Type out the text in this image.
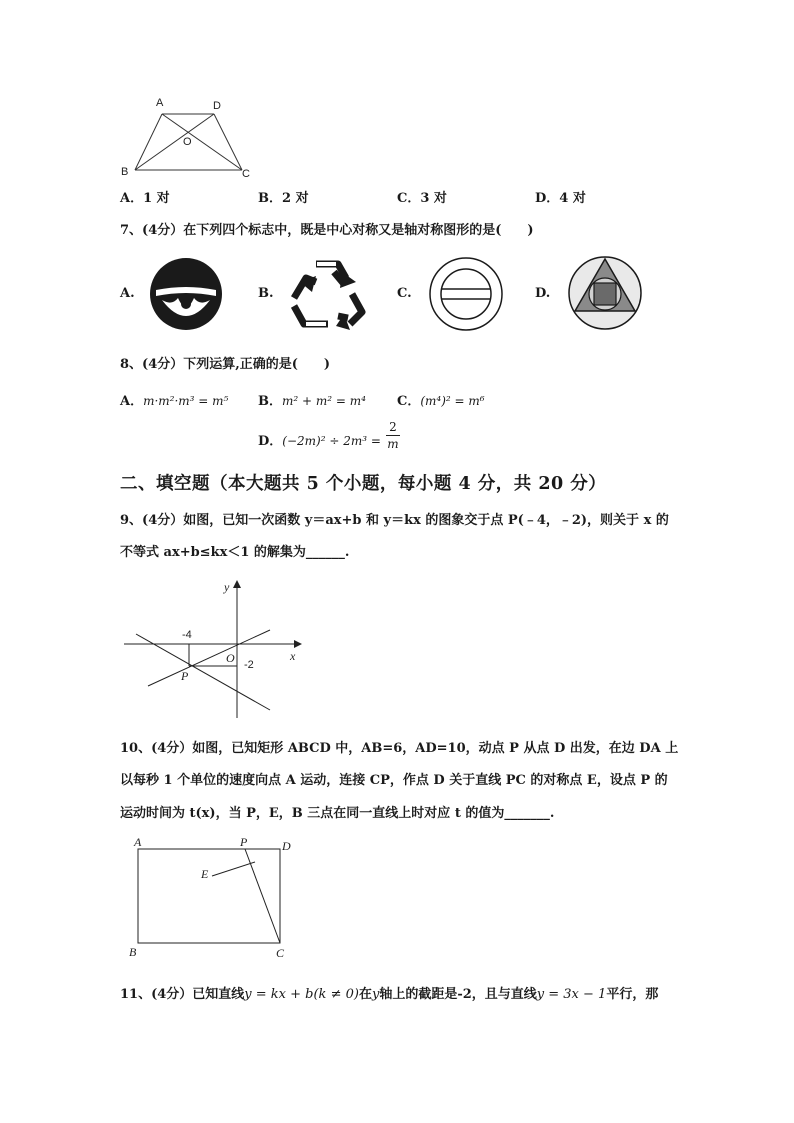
A	D
O
B	C
A．1 对	B．2 对	C．3 对	D．4 对
7、(4分）在下列四个标志中，既是中心对称又是轴对称图形的是(　　)
A.	B.	C.	D.
8、(4分）下列运算,正确的是(　　)
A．m·m²·m³ = m⁵ B．m² + m² = m⁴ C．(m⁴)² = m⁶
D．(−2m)² ÷ 2m³ =
2
m
二、填空题（本大题共 5 个小题，每小题 4 分，共 20 分）
9、(4分）如图，已知一次函数 y＝ax+b 和 y＝kx 的图象交于点 P(﹣4，﹣2)，则关于 x 的
不等式 ax+b≤kx＜1 的解集为______.
y
x
O
P
-4
-2
10、(4分）如图，已知矩形 ABCD 中，AB=6，AD=10，动点 P 从点 D 出发，在边 DA 上
以每秒 1 个单位的速度向点 A 运动，连接 CP，作点 D 关于直线 PC 的对称点 E，设点 P 的
运动时间为 t(x)，当 P，E，B 三点在同一直线上时对应 t 的值为_______.
A	P	D
E
B	C
11、(4分）已知直线y = kx + b(k ≠ 0)在y轴上的截距是-2，且与直线y = 3x − 1平行，那
